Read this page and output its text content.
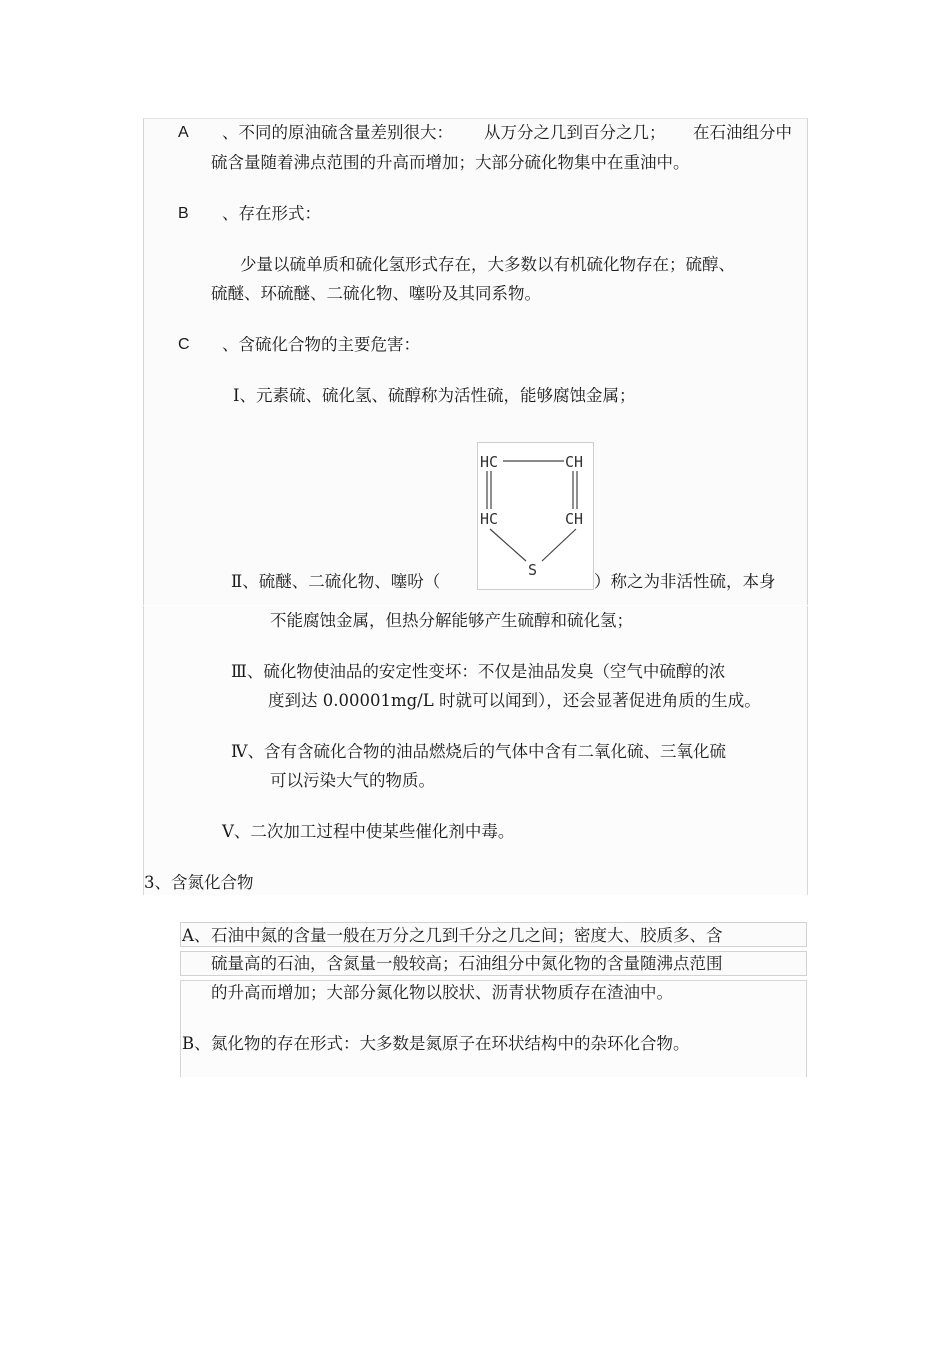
A 、不同的原油硫含量差别很大： 从万分之几到百分之几； 在石油组分中
硫含量随着沸点范围的升高而增加；大部分硫化物集中在重油中。
B 、存在形式：
少量以硫单质和硫化氢形式存在，大多数以有机硫化物存在；硫醇、
硫醚、环硫醚、二硫化物、噻吩及其同系物。
C 、含硫化合物的主要危害：
Ⅰ、元素硫、硫化氢、硫醇称为活性硫，能够腐蚀金属；
HC	CH
HC	CH
S
Ⅱ、硫醚、二硫化物、噻吩（	）称之为非活性硫，本身
不能腐蚀金属，但热分解能够产生硫醇和硫化氢；
Ⅲ、硫化物使油品的安定性变坏：不仅是油品发臭（空气中硫醇的浓
度到达 0.00001mg/L 时就可以闻到），还会显著促进角质的生成。
Ⅳ、含有含硫化合物的油品燃烧后的气体中含有二氧化硫、三氧化硫
可以污染大气的物质。
Ⅴ、二次加工过程中使某些催化剂中毒。
3、含氮化合物
A、 石油中氮的含量一般在万分之几到千分之几之间；密度大、胶质多、含
硫量高的石油，含氮量一般较高；石油组分中氮化物的含量随沸点范围
的升高而增加；大部分氮化物以胶状、沥青状物质存在渣油中。
B、 氮化物的存在形式：大多数是氮原子在环状结构中的杂环化合物。
